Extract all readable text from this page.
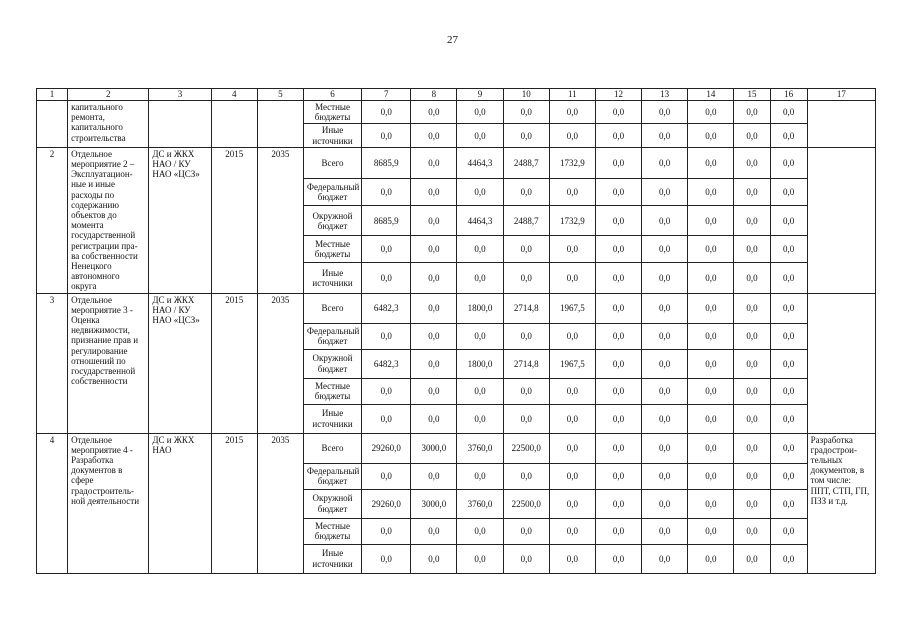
27
1	2	3	4	5	6	7	8	9	10	11	12	13	14	15	16	17
	капитального ремонта, капитального строительства				Местные бюджеты	0,0	0,0	0,0	0,0	0,0	0,0	0,0	0,0	0,0	0,0	
					Иные источники	0,0	0,0	0,0	0,0	0,0	0,0	0,0	0,0	0,0	0,0	
2	Отдельное мероприятие 2 – Эксплуатацион- ные и иные расходы по содержанию объектов до момента государственной регистрации пра- ва собственности Ненецкого автономного округа	ДС и ЖКХ НАО / КУ НАО «ЦСЗ»	2015	2035	Всего	8685,9	0,0	4464,3	2488,7	1732,9	0,0	0,0	0,0	0,0	0,0	
					Федеральный бюджет	0,0	0,0	0,0	0,0	0,0	0,0	0,0	0,0	0,0	0,0	
					Окружной бюджет	8685,9	0,0	4464,3	2488,7	1732,9	0,0	0,0	0,0	0,0	0,0	
					Местные бюджеты	0,0	0,0	0,0	0,0	0,0	0,0	0,0	0,0	0,0	0,0	
					Иные источники	0,0	0,0	0,0	0,0	0,0	0,0	0,0	0,0	0,0	0,0	
3	Отдельное мероприятие 3 - Оценка недвижимости, признание прав и регулирование отношений по государственной собственности	ДС и ЖКХ НАО / КУ НАО «ЦСЗ»	2015	2035	Всего	6482,3	0,0	1800,0	2714,8	1967,5	0,0	0,0	0,0	0,0	0,0	
					Федеральный бюджет	0,0	0,0	0,0	0,0	0,0	0,0	0,0	0,0	0,0	0,0	
					Окружной бюджет	6482,3	0,0	1800,0	2714,8	1967,5	0,0	0,0	0,0	0,0	0,0	
					Местные бюджеты	0,0	0,0	0,0	0,0	0,0	0,0	0,0	0,0	0,0	0,0	
					Иные источники	0,0	0,0	0,0	0,0	0,0	0,0	0,0	0,0	0,0	0,0	
4	Отдельное мероприятие 4 - Разработка документов в сфере градостроитель- ной деятельности	ДС и ЖКХ НАО	2015	2035	Всего	29260,0	3000,0	3760,0	22500,0	0,0	0,0	0,0	0,0	0,0	0,0	Разработка градострои- тельных документов, в том числе: ППТ, СТП, ГП, ПЗЗ и т.д.
					Федеральный бюджет	0,0	0,0	0,0	0,0	0,0	0,0	0,0	0,0	0,0	0,0	
					Окружной бюджет	29260,0	3000,0	3760,0	22500,0	0,0	0,0	0,0	0,0	0,0	0,0	
					Местные бюджеты	0,0	0,0	0,0	0,0	0,0	0,0	0,0	0,0	0,0	0,0	
					Иные источники	0,0	0,0	0,0	0,0	0,0	0,0	0,0	0,0	0,0	0,0	
